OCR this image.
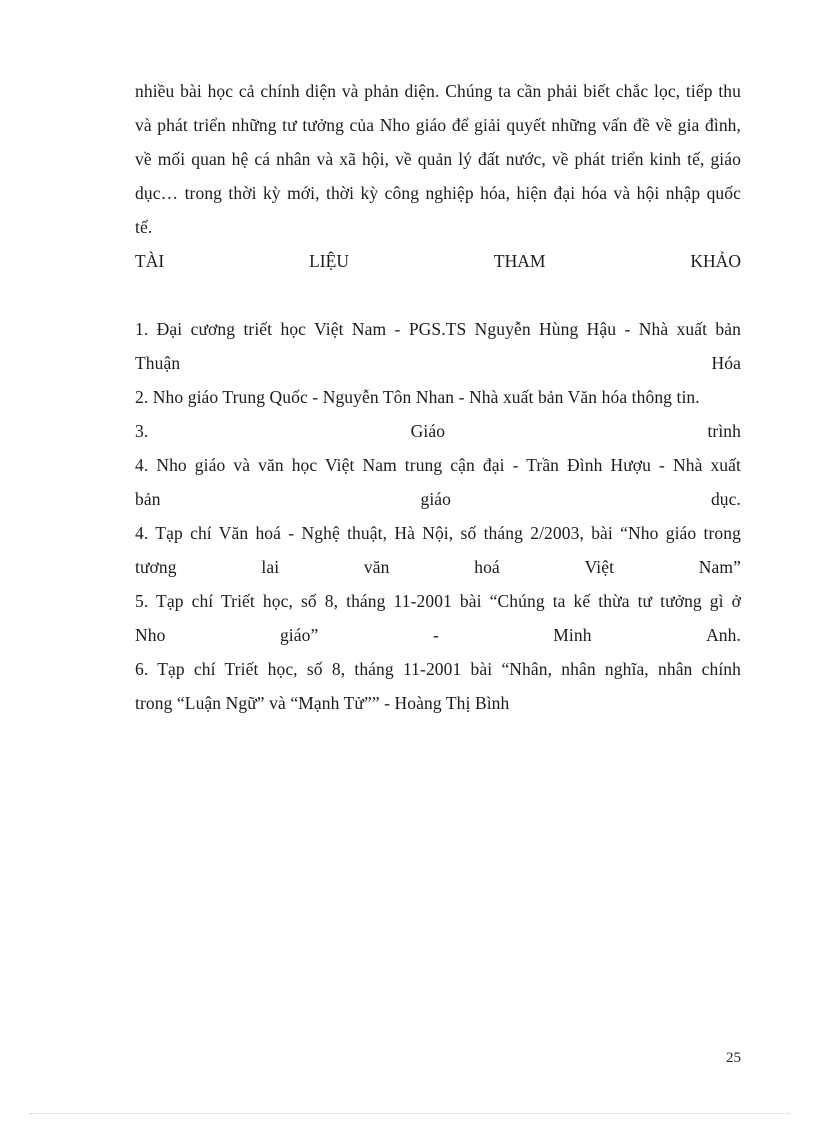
nhiều bài học cả chính diện và phản diện. Chúng ta cần phải biết chắc lọc, tiếp thu và phát triển những tư tưởng của Nho giáo để giải quyết những vấn đề về gia đình, về mối quan hệ cá nhân và xã hội, về quản lý đất nước, về phát triển kinh tế, giáo dục… trong thời kỳ mới, thời kỳ công nghiệp hóa, hiện đại hóa và hội nhập quốc tế.

TÀI	LIỆU	THAM	KHẢO
1. Đại cương triết học Việt Nam - PGS.TS Nguyễn Hùng Hậu - Nhà xuất bản
Thuận	Hóa
2. Nho giáo Trung Quốc - Nguyễn Tôn Nhan - Nhà xuất bản Văn hóa thông tin.
3.	Giáo	trình
4. Nho giáo và văn học Việt Nam trung cận đại - Trần Đình Hượu - Nhà xuất
bản	giáo	dục.
4. Tạp chí Văn hoá - Nghệ thuật, Hà Nội, số tháng 2/2003, bài “Nho giáo trong
tương	lai	văn	hoá	Việt	Nam”
5. Tạp chí Triết học, số 8, tháng 11-2001 bài “Chúng ta kế thừa tư tưởng gì ở
Nho	giáo”	-	Minh	Anh.
6. Tạp chí Triết học, số 8, tháng 11-2001 bài “Nhân, nhân nghĩa, nhân chính
trong “Luận Ngữ” và “Mạnh Tử”” - Hoàng Thị Bình
25
